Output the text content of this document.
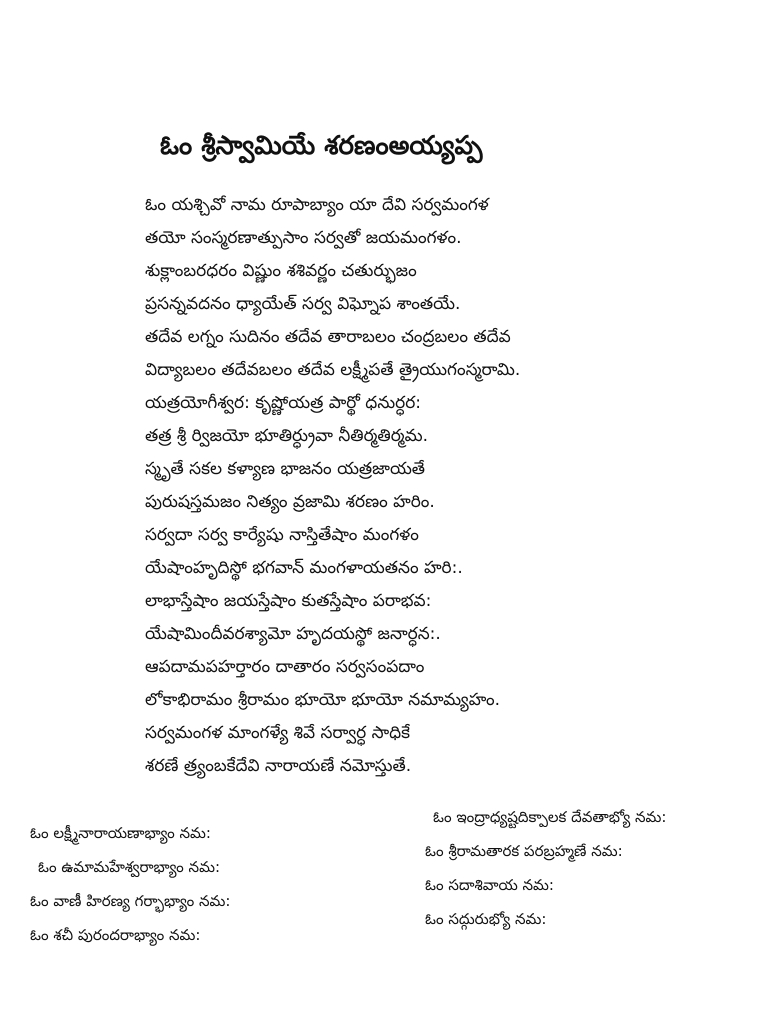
ఓం శ్రీస్వామియే శరణంఅయ్యప్ప
ఓం యశ్చివో నామ రూపాబ్యాం యా దేవి సర్వమంగళ
తయో సంస్మరణాత్పుసాం సర్వతో జయమంగళం.
శుక్లాంబరధరం విష్ణుం శశివర్ణం చతుర్భుజం
ప్రసన్నవదనం ధ్యాయేత్ సర్వ విఘ్నోప శాంతయే.
తదేవ లగ్నం సుదినం తదేవ తారాబలం చంద్రబలం తదేవ
విద్యాబలం తదేవబలం తదేవ లక్ష్మీపతే త్రైయుగంస్మరామి.
యత్రయోగీశ్వర: కృష్ణోయత్ర పార్థో ధనుర్ధర:
తత్ర శ్రీ ర్విజయో భూతిర్ధ్రువా నీతిర్మతిర్మమ.
స్మృతే సకల కళ్యాణ భాజనం యత్రజాయతే
పురుషస్తమజం నిత్యం వ్రజామి శరణం హరిం.
సర్వదా సర్వ కార్యేషు నాస్తితేషాం మంగళం
యేషాంహృదిస్థో భగవాన్ మంగళాయతనం హరి:.
లాభాస్తేషాం జయస్తేషాం కుతస్తేషాం పరాభవ:
యేషామిందీవరశ్యామో హృదయస్థో జనార్ధన:.
ఆపదామపహర్తారం దాతారం సర్వసంపదాం
లోకాభిరామం శ్రీరామం భూయో భూయో నమామ్యహం.
సర్వమంగళ మాంగళ్యే శివే సర్వార్ధ సాధికే
శరణే త్ర్యంబకేదేవి నారాయణే నమోస్తుతే.
ఓం లక్ష్మీనారాయణాభ్యాం నమ:
ఓం ఉమామహేశ్వరాభ్యాం నమ:
ఓం వాణీ హిరణ్య గర్భాభ్యాం నమ:
ఓం శచీ పురందరాభ్యాం నమ:
ఓం ఇంద్రాధ్యష్టదిక్పాలక దేవతాభ్యో నమ:
ఓం శ్రీరామతారక పరబ్రహ్మణే నమ:
ఓం సదాశివాయ నమ:
ఓం సద్గురుభ్యో నమ:
